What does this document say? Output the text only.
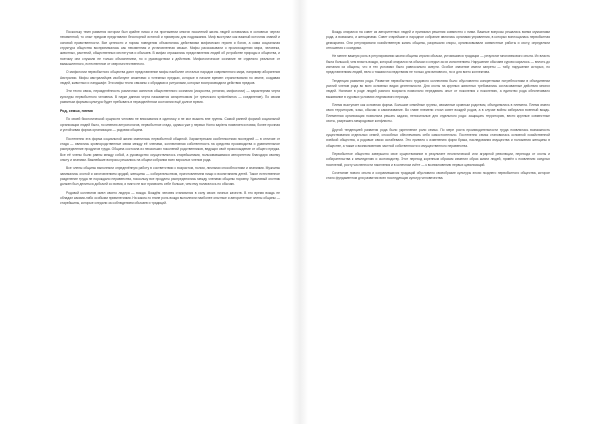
Поскольку темп развития истории был крайне низок и на протяжении многих поколений жизнь людей оставалась в основных чертах неизменной, то опыт предков представлял бесспорной истиной и примером для подражания. Миф выступал как важный источник знаний и основой нравственности. Все ценности и нормы поведения объяснялись действиями мифических героев и богов, а сама социальная структура общества воспринималась как неизменная и установленная свыше. Мифы рассказывали о происхождении мира, человека, животных, растений, общественных институтов и обычаев. В мифах отражались представления людей об устройстве природы и общества, и поэтому они служили не только объяснением, но и руководством к действию. Мифологическое сознание не отделяло реальное от вымышленного, естественное от сверхъестественного.

О мифологии первобытного общества дают представление мифы наиболее отсталых народов современного мира, например аборигенов Австралии. Мифы австралийцев изобилуют сюжетами о тотемных предках, которые в начале времен странствовали по земле, создавая людей, животных и ландшафт. Эти мифы тесно связаны с обрядами и ритуалами, которые воспроизводили действия предков.

Эти тесно связь, неразделённость различных аспектов общественного сознания (искусства, религии, мифологии) — характерная черта культуры первобытного человека. В науке данная черта называется синкретизмом (от греческого synkretismos — соединение). По своим развитым формам культура будет пребывать в неразделённом состоянии ещё долгое время.

Род, семья, племя

По своей биологической сущности человек не вписывался в одиночку и не мог выжить вне группы. Самой ранней формой социальной организации людей было, по мнению антропологов, первобытное стадо, однако уже у первых Homo sapiens появляется новая, более прочная и устойчивая форма организации — родовая община.

Постепенно эта форма социальной жизни сменилась первобытной общиной. Характерными особенностями последней — в отличие от стада — являлись кровнородственные связи между её членами, коллективная собственность на средства производства и уравнительное распределение продуктов труда. Община состояла из нескольких поколений родственников, ведущих своё происхождение от общего предка. Все её члены были равны между собой, а руководство осуществлялось старейшинами, пользовавшимися авторитетом благодаря своему опыту и знаниям. Важнейшие вопросы решались на общем собрании всех взрослых членов рода.

Все члены общины выполняли определённую работу в соответствии с возрастом, полом, личными способностями и знаниями. Мужчины занимались охотой и изготовлением орудий, женщины — собирательством, приготовлением пищи и воспитанием детей. Такое естественное разделение труда не порождало неравенства, поскольку все продукты распределялись между членами общины поровну. Удачливый охотник должен был делиться добычей со всеми, и никто не мог присвоить себе больше, чем ему полагалось по обычаю.

Родовой коллектив имел своего лидера — вождя. Вождём человек становился в силу своих личных качеств. В это время вождь не обладал какими-либо особыми привилегиями. На каком-то этапе роль вождя выполняли наиболее опытные и авторитетные члены общины — старейшины, которые следили за соблюдением обычаев и традиций.

Вождь опирался на совет из авторитетных людей и принимал решения совместно с ними. Важные вопросы решались всеми мужчинами рода, а возможно, и женщинами. Совет старейшин и народное собрание являлись органами управления, в которых воплощалась первобытная демократия. Они регулировали хозяйственную жизнь общины, разрешали споры, организовывали совместные работы и охоту, определяли отношения с соседями.

Не менее важную роль в регулировании жизни общины играли обычаи, устоявшиеся традиции — результат многовекового опыта. Их власть была большой, чем власть вождя, который опирался на обычаи и следил за их исполнением. Нарушение обычаев сурово каралось — вплоть до изгнания из общины, что в тех условиях было равносильно смерти. Особое значение имели запреты — табу, нарушение которых, по представлениям людей, вело к тяжким последствиям не только для виновного, но и для всего коллектива.

Тенденция развития рода. Развитие первобытного трудового коллектива было обусловлено конкретными потребностями в объединении усилий членов рода во всех основных видах деятельности. Для охоты на крупных животных требовались согласованные действия многих людей. Наличие в роде людей разного возраста позволяло передавать опыт от поколения к поколению, а единство рода обеспечивало выживание в суровых условиях ледникового периода.

Племя выступает как основная форма. Большие семейные группы, связанные кровным родством, объединялись в племена. Племя имело свою территорию, язык, обычаи и самоназвание. Во главе племени стоял совет вождей родов, а в случае войны избирался военный вождь. Племенная организация позволяла решать задачи, непосильные для отдельного рода: защищать территорию, вести крупные совместные охоты, разрешать межродовые конфликты.

Другой тенденцией развития рода было укрепление роли семьи. По мере роста производительности труда появлялась возможность существования отдельных семей, способных обеспечивать себя самостоятельно. Постепенно семья становилась основной хозяйственной ячейкой общества, а родовые связи ослабевали. Это привело к изменению форм брака, наследования имущества и положения женщины в обществе, а также к возникновению частной собственности и имущественного неравенства.

Первобытное общество завершило свое существование в результате неолитической или аграрной революции, перехода от охоты и собирательства к земледелию и скотоводству. Этот переход коренным образом изменил образ жизни людей, привёл к появлению оседлых поселений, росту численности населения и в конечном счёте — к возникновению первых цивилизаций.

Сочетание нового опыта и сохранившихся традиций обусловило своеобразие культуры эпохи позднего первобытного общества, которое стало фундаментом для развития всех последующих культур человечества.
